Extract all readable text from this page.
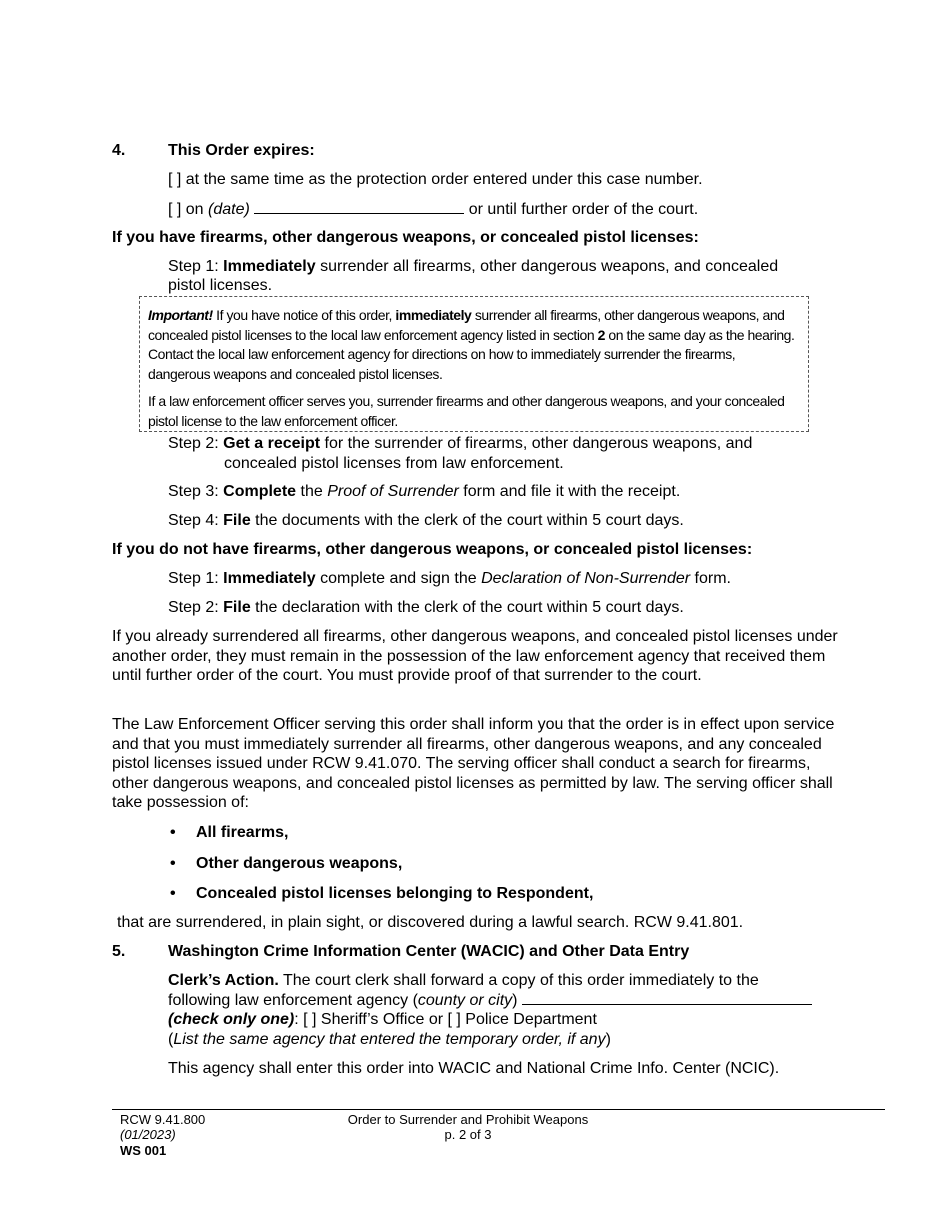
4.	This Order expires:
[ ] at the same time as the protection order entered under this case number.
[ ] on (date)	or until further order of the court.
If you have firearms, other dangerous weapons, or concealed pistol licenses:
Step 1: Immediately surrender all firearms, other dangerous weapons, and concealed
pistol licenses.

Important! If you have notice of this order, immediately surrender all firearms, other dangerous weapons, and concealed pistol licenses to the local law enforcement agency listed in section 2 on the same day as the hearing. Contact the local law enforcement agency for directions on how to immediately surrender the firearms, dangerous weapons and concealed pistol licenses.

If a law enforcement officer serves you, surrender firearms and other dangerous weapons, and your concealed pistol license to the law enforcement officer.

Step 2: Get a receipt for the surrender of firearms, other dangerous weapons, and
concealed pistol licenses from law enforcement.
Step 3: Complete the Proof of Surrender form and file it with the receipt.
Step 4: File the documents with the clerk of the court within 5 court days.
If you do not have firearms, other dangerous weapons, or concealed pistol licenses:
Step 1: Immediately complete and sign the Declaration of Non-Surrender form.
Step 2: File the declaration with the clerk of the court within 5 court days.
If you already surrendered all firearms, other dangerous weapons, and concealed pistol licenses under another order, they must remain in the possession of the law enforcement agency that received them until further order of the court. You must provide proof of that surrender to the court.
The Law Enforcement Officer serving this order shall inform you that the order is in effect upon service and that you must immediately surrender all firearms, other dangerous weapons, and any concealed pistol licenses issued under RCW 9.41.070. The serving officer shall conduct a search for firearms, other dangerous weapons, and concealed pistol licenses as permitted by law. The serving officer shall take possession of:
• All firearms,
• Other dangerous weapons,
• Concealed pistol licenses belonging to Respondent,
that are surrendered, in plain sight, or discovered during a lawful search. RCW 9.41.801.
5.	Washington Crime Information Center (WACIC) and Other Data Entry
Clerk’s Action. The court clerk shall forward a copy of this order immediately to the
following law enforcement agency (county or city)
(check only one): [ ] Sheriff’s Office or [ ] Police Department
(List the same agency that entered the temporary order, if any)
This agency shall enter this order into WACIC and National Crime Info. Center (NCIC).
RCW 9.41.800
(01/2023)
WS 001
Order to Surrender and Prohibit Weapons
p. 2 of 3
